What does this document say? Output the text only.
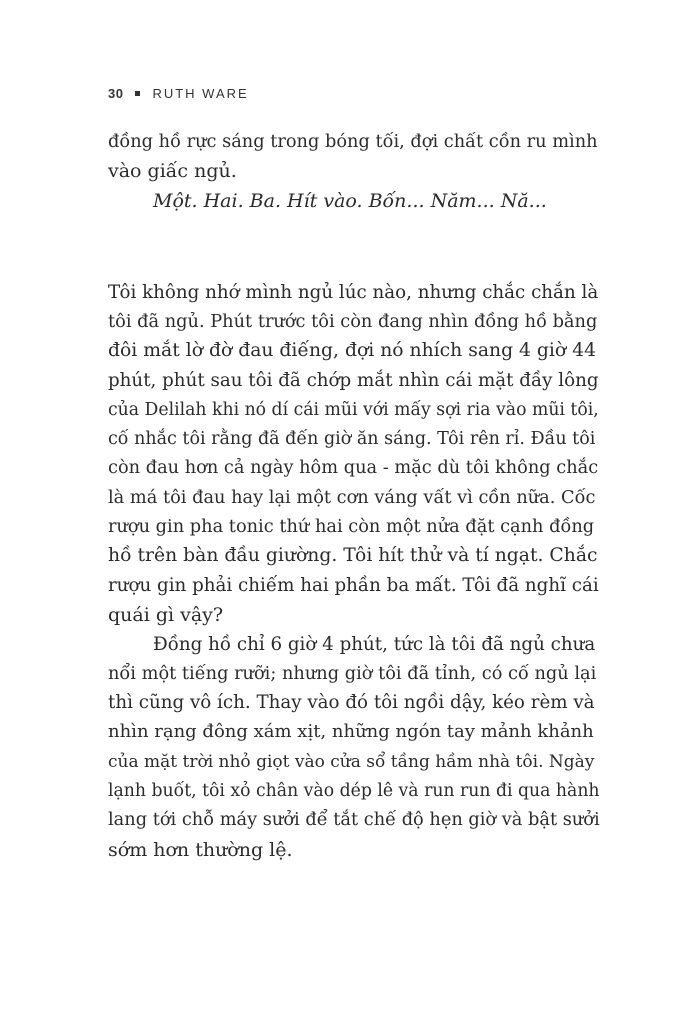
30 RUTH WARE
đồng hồ rực sáng trong bóng tối, đợi chất cồn ru mình
vào giấc ngủ.
Một. Hai. Ba. Hít vào. Bốn... Năm... Nă...
Tôi không nhớ mình ngủ lúc nào, nhưng chắc chắn là
tôi đã ngủ. Phút trước tôi còn đang nhìn đồng hồ bằng
đôi mắt lờ đờ đau điếng, đợi nó nhích sang 4 giờ 44
phút, phút sau tôi đã chớp mắt nhìn cái mặt đầy lông
của Delilah khi nó dí cái mũi với mấy sợi ria vào mũi tôi,
cố nhắc tôi rằng đã đến giờ ăn sáng. Tôi rên rỉ. Đầu tôi
còn đau hơn cả ngày hôm qua - mặc dù tôi không chắc
là má tôi đau hay lại một cơn váng vất vì cồn nữa. Cốc
rượu gin pha tonic thứ hai còn một nửa đặt cạnh đồng
hồ trên bàn đầu giường. Tôi hít thử và tí ngạt. Chắc
rượu gin phải chiếm hai phần ba mất. Tôi đã nghĩ cái
quái gì vậy?
Đồng hồ chỉ 6 giờ 4 phút, tức là tôi đã ngủ chưa
nổi một tiếng rưỡi; nhưng giờ tôi đã tỉnh, có cố ngủ lại
thì cũng vô ích. Thay vào đó tôi ngồi dậy, kéo rèm và
nhìn rạng đông xám xịt, những ngón tay mảnh khảnh
của mặt trời nhỏ giọt vào cửa sổ tầng hầm nhà tôi. Ngày
lạnh buốt, tôi xỏ chân vào dép lê và run run đi qua hành
lang tới chỗ máy sưởi để tắt chế độ hẹn giờ và bật sưởi
sớm hơn thường lệ.
